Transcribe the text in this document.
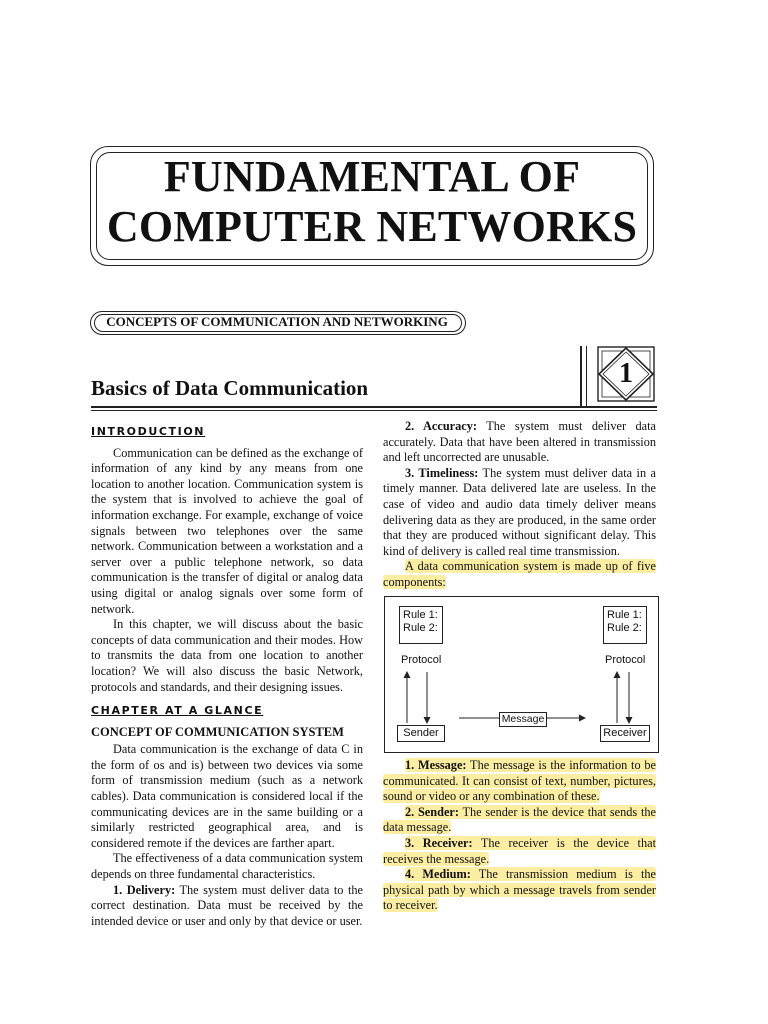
FUNDAMENTAL OF
COMPUTER NETWORKS
CONCEPTS OF COMMUNICATION AND NETWORKING
Basics of Data Communication	1
INTRODUCTION

Communication can be defined as the exchange of information of any kind by any means from one location to another location. Communication system is the system that is involved to achieve the goal of information exchange. For example, exchange of voice signals between two telephones over the same network. Communication between a workstation and a server over a public telephone network, so data communication is the transfer of digital or analog data using digital or analog signals over some form of network.

In this chapter, we will discuss about the basic concepts of data communication and their modes. How to transmits the data from one location to another location? We will also discuss the basic Network, protocols and standards, and their designing issues.

CHAPTER AT A GLANCE
CONCEPT OF COMMUNICATION SYSTEM

Data communication is the exchange of data C in the form of os and is) between two devices via some form of transmission medium (such as a network cables). Data communication is considered local if the communicating devices are in the same building or a similarly restricted geographical area, and is considered remote if the devices are farther apart.

The effectiveness of a data communication system depends on three fundamental characteristics.

1. Delivery: The system must deliver data to the correct destination. Data must be received by the intended device or user and only by that device or user.

2. Accuracy: The system must deliver data accurately. Data that have been altered in transmission and left uncorrected are unusable.

3. Timeliness: The system must deliver data in a timely manner. Data delivered late are useless. In the case of video and audio data timely deliver means delivering data as they are produced, in the same order that they are produced without significant delay. This kind of delivery is called real time transmission.

A data communication system is made up of five components:

Rule 1:
Rule 2:
Rule 1:
Rule 2:
Protocol	Protocol
Message
Sender	Receiver

1. Message: The message is the information to be communicated. It can consist of text, number, pictures, sound or video or any combination of these.

2. Sender: The sender is the device that sends the data message.

3. Receiver: The receiver is the device that receives the message.

4. Medium: The transmission medium is the physical path by which a message travels from sender to receiver.
